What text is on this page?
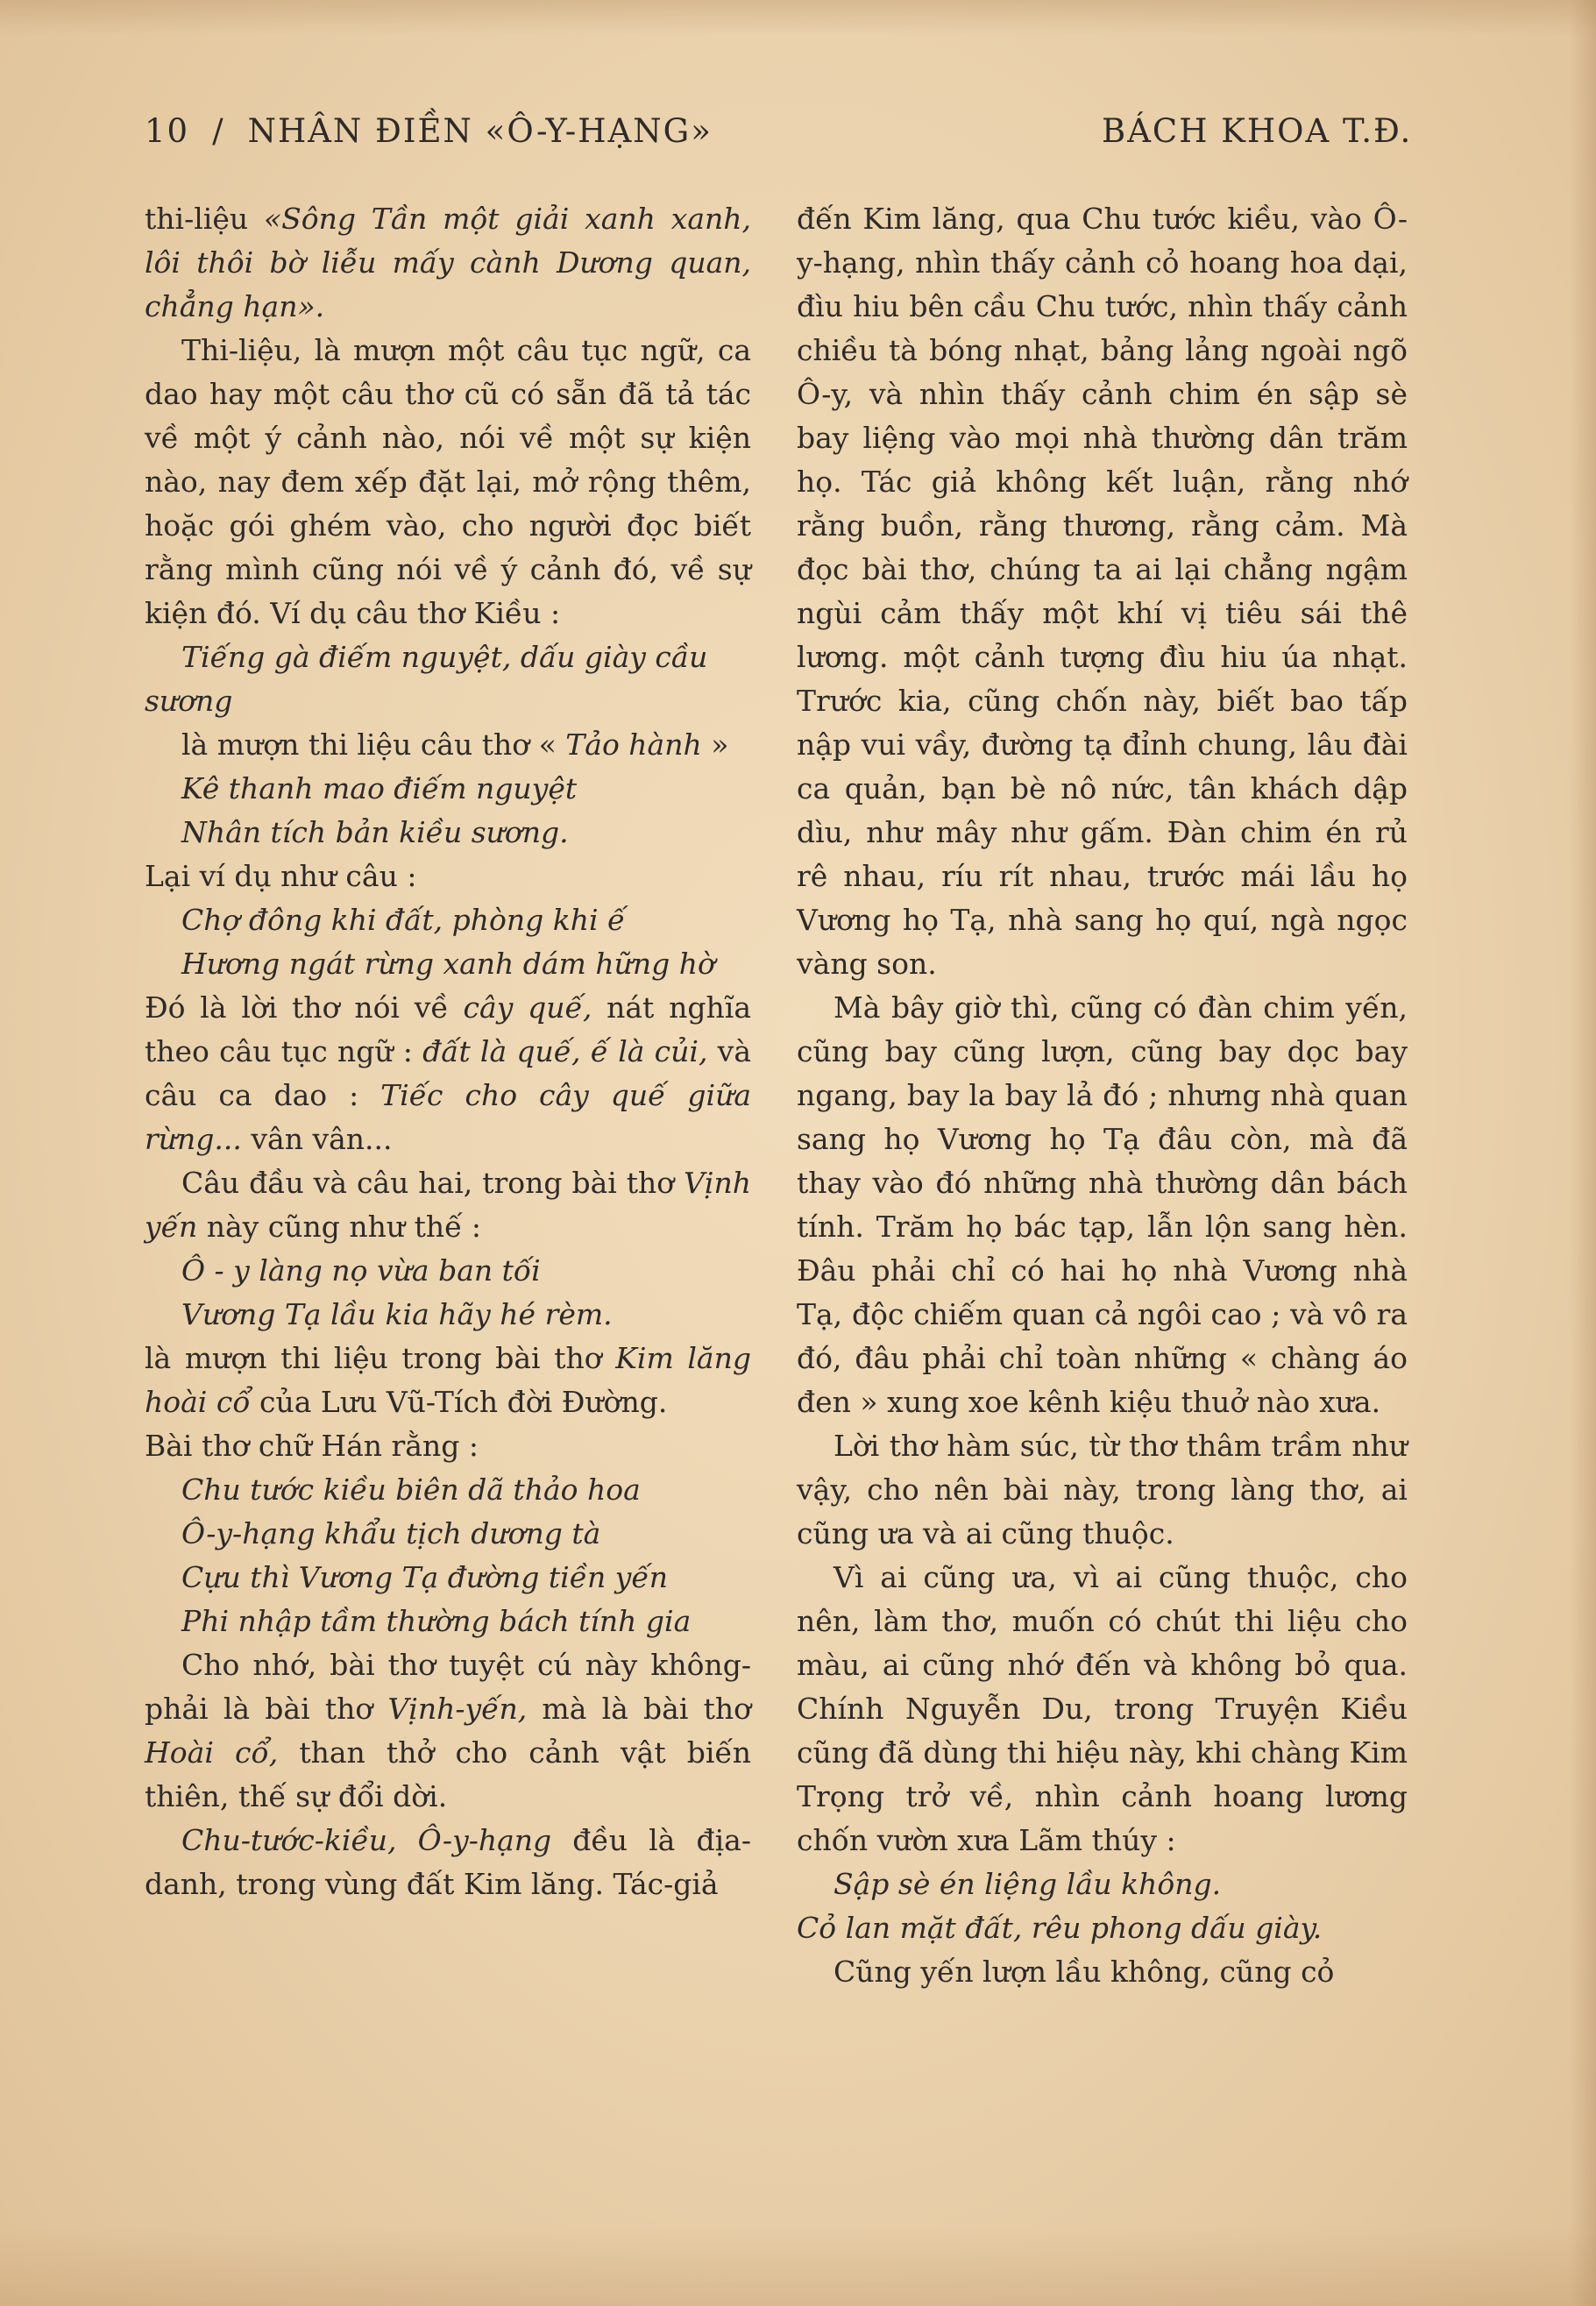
10 / NHÂN ĐIỀN «Ô-Y-HẠNG»	BÁCH KHOA T.Đ.

thi-liệu «Sông Tần một giải xanh xanh, lôi thôi bờ liễu mấy cành Dương quan, chẳng hạn».

Thi-liệu, là mượn một câu tục ngữ, ca dao hay một câu thơ cũ có sẵn đã tả tác về một ý cảnh nào, nói về một sự kiện nào, nay đem xếp đặt lại, mở rộng thêm, hoặc gói ghém vào, cho người đọc biết rằng mình cũng nói về ý cảnh đó, về sự kiện đó. Ví dụ câu thơ Kiều :

Tiếng gà điếm nguyệt, dấu giày cầu

sương

là mượn thi liệu câu thơ « Tảo hành »

Kê thanh mao điếm nguyệt

Nhân tích bản kiều sương.

Lại ví dụ như câu :

Chợ đông khi đất, phòng khi ế

Hương ngát rừng xanh dám hững hờ

Đó là lời thơ nói về cây quế, nát nghĩa theo câu tục ngữ : đất là quế, ế là củi, và câu ca dao : Tiếc cho cây quế giữa rừng... vân vân...

Câu đầu và câu hai, trong bài thơ Vịnh yến này cũng như thế :

Ô - y làng nọ vừa ban tối

Vương Tạ lầu kia hãy hé rèm.

là mượn thi liệu trong bài thơ Kim lăng hoài cổ của Lưu Vũ-Tích đời Đường.

Bài thơ chữ Hán rằng :

Chu tước kiều biên dã thảo hoa

Ô-y-hạng khẩu tịch dương tà

Cựu thì Vương Tạ đường tiền yến

Phi nhập tầm thường bách tính gia

Cho nhớ, bài thơ tuyệt cú này không-phải là bài thơ Vịnh-yến, mà là bài thơ Hoài cổ, than thở cho cảnh vật biến thiên, thế sự đổi dời.

Chu-tước-kiều, Ô-y-hạng đều là địa-danh, trong vùng đất Kim lăng. Tác-giả

đến Kim lăng, qua Chu tước kiều, vào Ô-y-hạng, nhìn thấy cảnh cỏ hoang hoa dại, đìu hiu bên cầu Chu tước, nhìn thấy cảnh chiều tà bóng nhạt, bảng lảng ngoài ngõ Ô-y, và nhìn thấy cảnh chim én sập sè bay liệng vào mọi nhà thường dân trăm họ. Tác giả không kết luận, rằng nhớ rằng buồn, rằng thương, rằng cảm. Mà đọc bài thơ, chúng ta ai lại chẳng ngậm ngùi cảm thấy một khí vị tiêu sái thê lương. một cảnh tượng đìu hiu úa nhạt. Trước kia, cũng chốn này, biết bao tấp nập vui vầy, đường tạ đỉnh chung, lâu đài ca quản, bạn bè nô nức, tân khách dập dìu, như mây như gấm. Đàn chim én rủ rê nhau, ríu rít nhau, trước mái lầu họ Vương họ Tạ, nhà sang họ quí, ngà ngọc vàng son.

Mà bây giờ thì, cũng có đàn chim yến, cũng bay cũng lượn, cũng bay dọc bay ngang, bay la bay lả đó ; nhưng nhà quan sang họ Vương họ Tạ đâu còn, mà đã thay vào đó những nhà thường dân bách tính. Trăm họ bác tạp, lẫn lộn sang hèn. Đâu phải chỉ có hai họ nhà Vương nhà Tạ, độc chiếm quan cả ngôi cao ; và vô ra đó, đâu phải chỉ toàn những « chàng áo đen » xung xoe kênh kiệu thuở nào xưa.

Lời thơ hàm súc, từ thơ thâm trầm như vậy, cho nên bài này, trong làng thơ, ai cũng ưa và ai cũng thuộc.

Vì ai cũng ưa, vì ai cũng thuộc, cho nên, làm thơ, muốn có chút thi liệu cho màu, ai cũng nhớ đến và không bỏ qua. Chính Nguyễn Du, trong Truyện Kiều cũng đã dùng thi hiệu này, khi chàng Kim Trọng trở về, nhìn cảnh hoang lương chốn vườn xưa Lãm thúy :

Sập sè én liệng lầu không.

Cỏ lan mặt đất, rêu phong dấu giày.

Cũng yến lượn lầu không, cũng cỏ
